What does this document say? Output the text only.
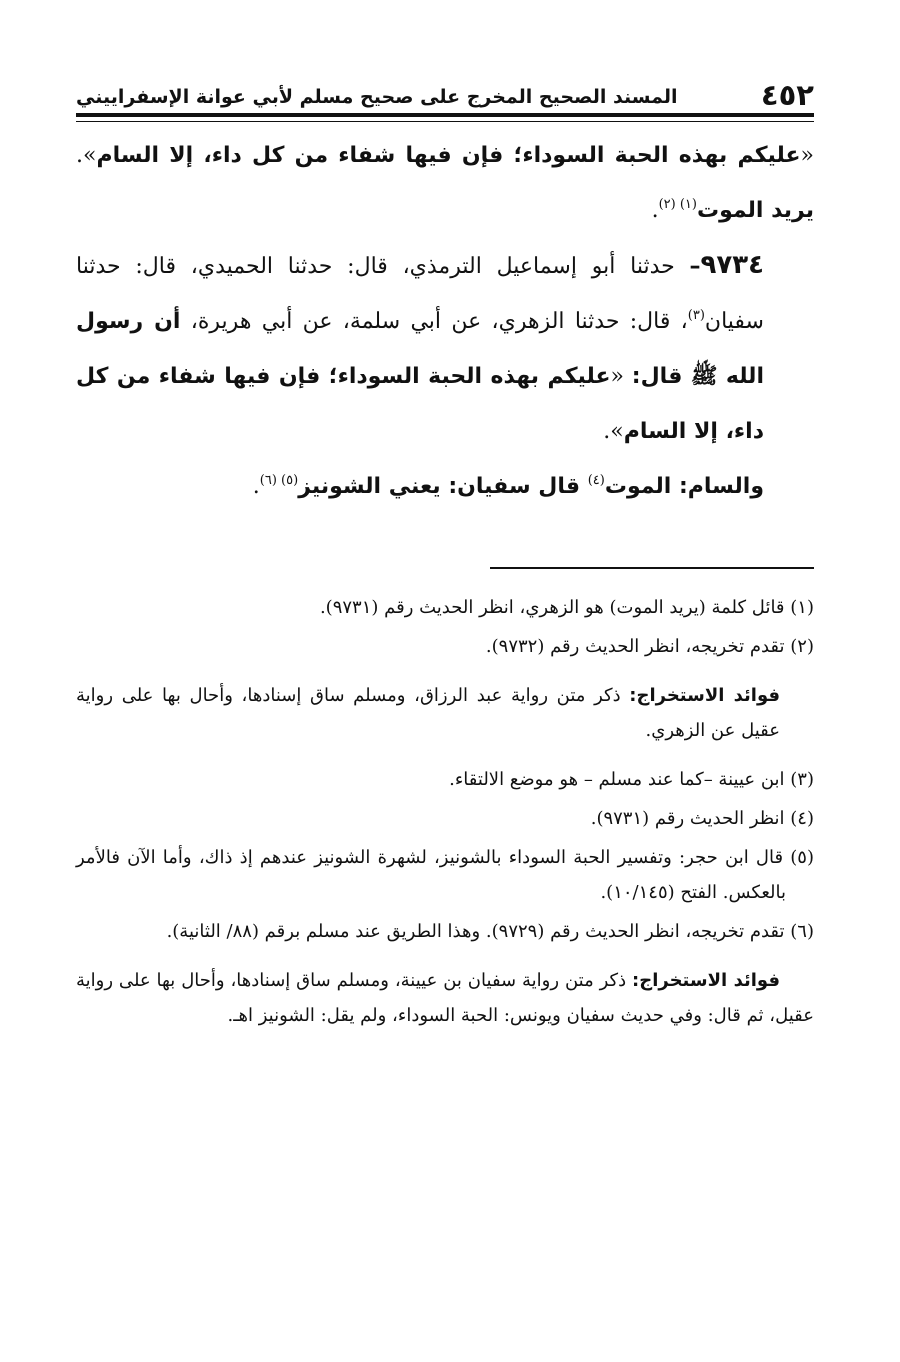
٤٥٢
المسند الصحيح المخرج على صحيح مسلم لأبي عوانة الإسفراييني

«عليكم بهذه الحبة السوداء؛ فإن فيها شفاء من كل داء، إلا السام». يريد الموت$^{(١) (٢)}$.

٩٧٣٤– حدثنا أبو إسماعيل الترمذي، قال: حدثنا الحميدي، قال: حدثنا سفيان$^{(٣)}$، قال: حدثنا الزهري، عن أبي سلمة، عن أبي هريرة، أن رسول الله ﷺ قال: «عليكم بهذه الحبة السوداء؛ فإن فيها شفاء من كل داء، إلا السام».

والسام: الموت$^{(٤)}$ قال سفيان: يعني الشونيز$^{(٥) (٦)}$.

(١) قائل كلمة (يريد الموت) هو الزهري، انظر الحديث رقم (٩٧٣١).

(٢) تقدم تخريجه، انظر الحديث رقم (٩٧٣٢).

فوائد الاستخراج: ذكر متن رواية عبد الرزاق، ومسلم ساق إسنادها، وأحال بها على رواية عقيل عن الزهري.

(٣) ابن عيينة –كما عند مسلم – هو موضع الالتقاء.

(٤) انظر الحديث رقم (٩٧٣١).

(٥) قال ابن حجر: وتفسير الحبة السوداء بالشونيز، لشهرة الشونيز عندهم إذ ذاك، وأما الآن فالأمر بالعكس. الفتح (١٠/١٤٥).

(٦) تقدم تخريجه، انظر الحديث رقم (٩٧٢٩). وهذا الطريق عند مسلم برقم (٨٨/ الثانية).

فوائد الاستخراج: ذكر متن رواية سفيان بن عيينة، ومسلم ساق إسنادها، وأحال بها على رواية عقيل، ثم قال: وفي حديث سفيان ويونس: الحبة السوداء، ولم يقل: الشونيز اهـ.
